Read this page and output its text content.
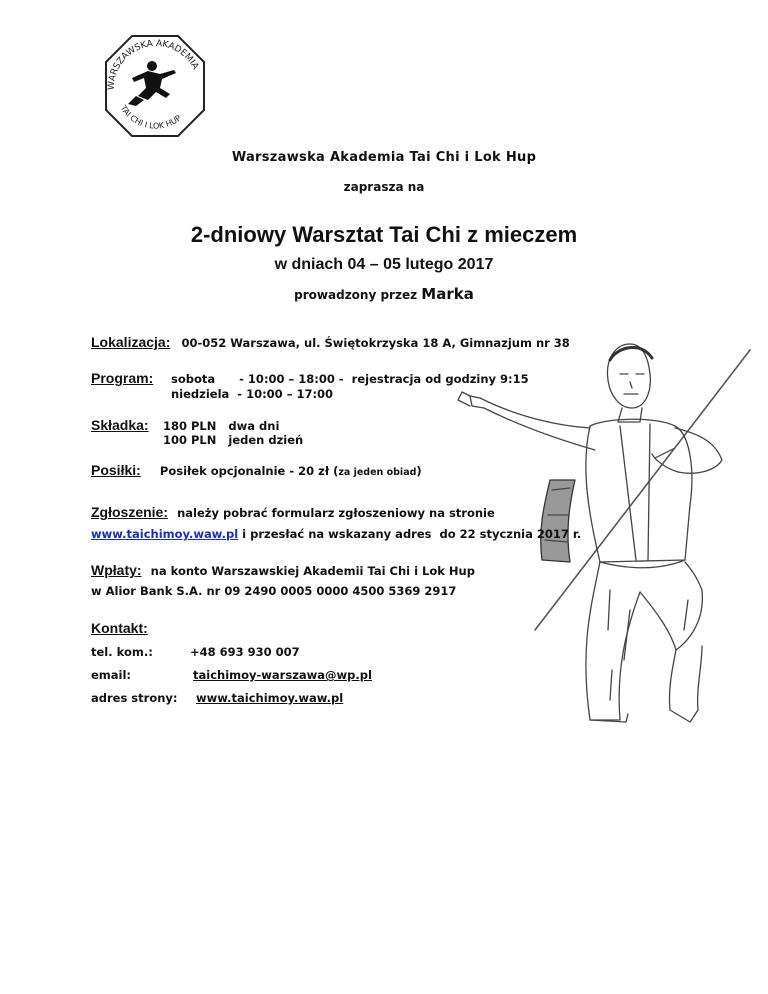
WARSZAWSKA AKADEMIA
TAI CHI I LOK HUP
Warszawska Akademia Tai Chi i Lok Hup
zaprasza na
2-dniowy Warsztat Tai Chi z mieczem
w dniach 04 – 05 lutego 2017
prowadzony przez Marka
Lokalizacja: 00-052 Warszawa, ul. Świętokrzyska 18 A, Gimnazjum nr 38
Program: sobota      - 10:00 – 18:00 -  rejestracja od godziny 9:15
niedziela  - 10:00 – 17:00
Składka: 180 PLN   dwa dni
100 PLN   jeden dzień
Posiłki: Posiłek opcjonalnie - 20 zł (za jeden obiad)
Zgłoszenie: należy pobrać formularz zgłoszeniowy na stronie
www.taichimoy.waw.pl i przesłać na wskazany adres  do 22 stycznia 2017 r.
Wpłaty: na konto Warszawskiej Akademii Tai Chi i Lok Hup
w Alior Bank S.A. nr 09 2490 0005 0000 4500 5369 2917
Kontakt:
tel. kom.:	+48 693 930 007
email:	taichimoy-warszawa@wp.pl
adres strony: www.taichimoy.waw.pl
